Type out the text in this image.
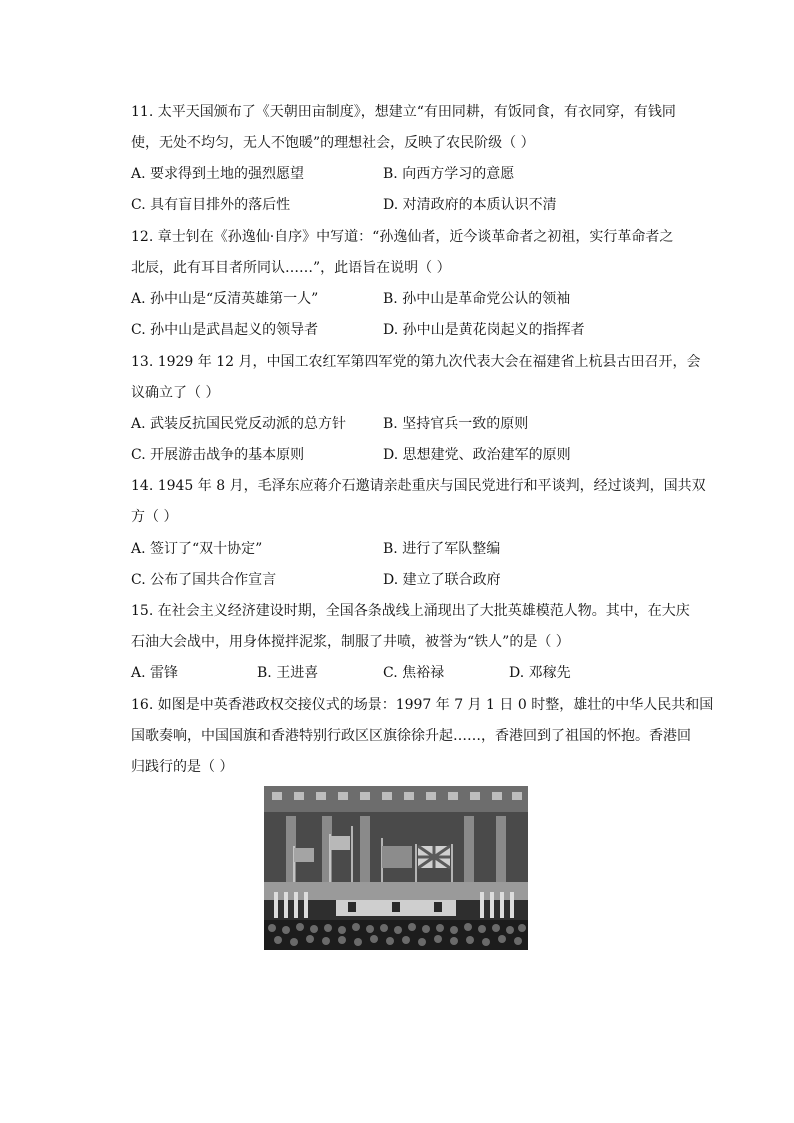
11. 太平天国颁布了《天朝田亩制度》，想建立“有田同耕，有饭同食，有衣同穿，有钱同
使，无处不均匀，无人不饱暖”的理想社会，反映了农民阶级（ ）
A. 要求得到土地的强烈愿望	B. 向西方学习的意愿
C. 具有盲目排外的落后性	D. 对清政府的本质认识不清
12. 章士钊在《孙逸仙·自序》中写道：“孙逸仙者，近今谈革命者之初祖，实行革命者之
北辰，此有耳目者所同认……”，此语旨在说明（ ）
A. 孙中山是“反清英雄第一人”	B. 孙中山是革命党公认的领袖
C. 孙中山是武昌起义的领导者	D. 孙中山是黄花岗起义的指挥者
13. 1929 年 12 月，中国工农红军第四军党的第九次代表大会在福建省上杭县古田召开，会
议确立了（ ）
A. 武装反抗国民党反动派的总方针	B. 坚持官兵一致的原则
C. 开展游击战争的基本原则	D. 思想建党、政治建军的原则
14. 1945 年 8 月，毛泽东应蒋介石邀请亲赴重庆与国民党进行和平谈判，经过谈判，国共双
方（ ）
A. 签订了“双十协定”	B. 进行了军队整编
C. 公布了国共合作宣言	D. 建立了联合政府
15. 在社会主义经济建设时期，全国各条战线上涌现出了大批英雄模范人物。其中，在大庆
石油大会战中，用身体搅拌泥浆，制服了井喷，被誉为“铁人”的是（ ）
A. 雷锋	B. 王进喜	C. 焦裕禄	D. 邓稼先
16. 如图是中英香港政权交接仪式的场景：1997 年 7 月 1 日 0 时整，雄壮的中华人民共和国
国歌奏响，中国国旗和香港特别行政区区旗徐徐升起……，香港回到了祖国的怀抱。香港回
归践行的是（ ）
